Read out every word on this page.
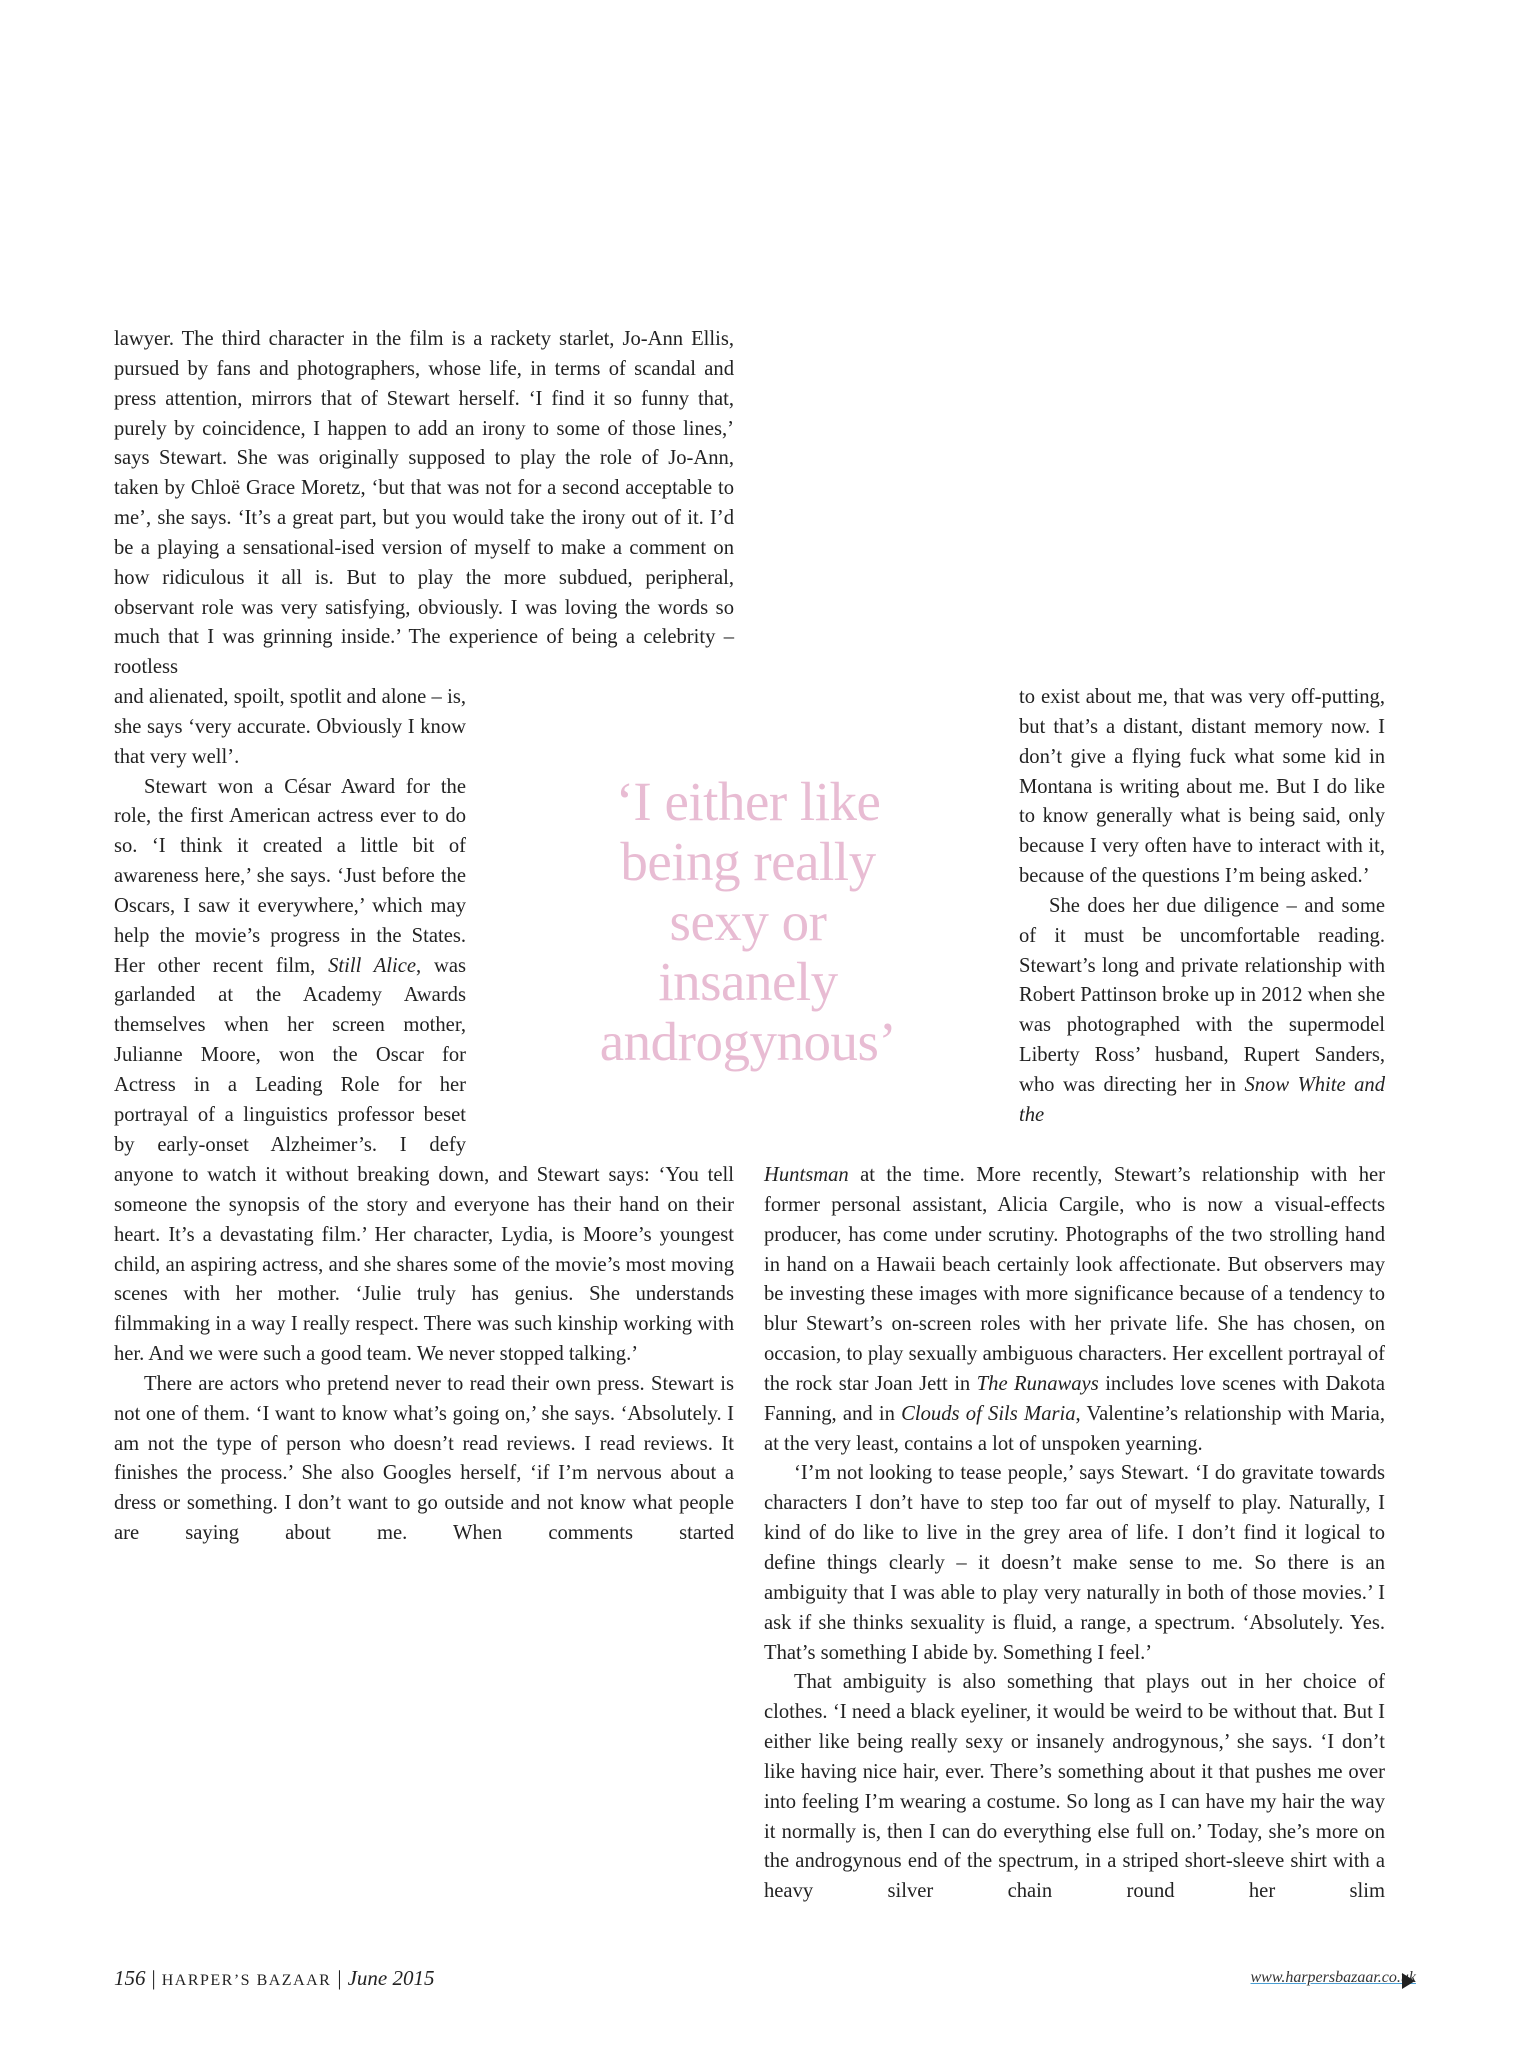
lawyer. The third character in the film is a rackety starlet, Jo-Ann Ellis, pursued by fans and photographers, whose life, in terms of scandal and press attention, mirrors that of Stewart herself. ‘I find it so funny that, purely by coincidence, I happen to add an irony to some of those lines,’ says Stewart. She was originally supposed to play the role of Jo-Ann, taken by Chloë Grace Moretz, ‘but that was not for a second acceptable to me’, she says. ‘It’s a great part, but you would take the irony out of it. I’d be a playing a sensational-ised version of myself to make a comment on how ridiculous it all is. But to play the more subdued, peripheral, observant role was very satisfying, obviously. I was loving the words so much that I was grinning inside.’ The experience of being a celebrity – rootless

and alienated, spoilt, spotlit and alone – is, she says ‘very accurate. Obviously I know that very well’.

Stewart won a César Award for the role, the first American actress ever to do so. ‘I think it created a little bit of awareness here,’ she says. ‘Just before the Oscars, I saw it everywhere,’ which may help the movie’s progress in the States. Her other recent film, Still Alice, was garlanded at the Academy Awards themselves when her screen mother, Julianne Moore, won the Oscar for Actress in a Leading Role for her portrayal of a linguistics professor beset by early-onset Alzheimer’s. I defy

anyone to watch it without breaking down, and Stewart says: ‘You tell someone the synopsis of the story and everyone has their hand on their heart. It’s a devastating film.’ Her character, Lydia, is Moore’s youngest child, an aspiring actress, and she shares some of the movie’s most moving scenes with her mother. ‘Julie truly has genius. She understands filmmaking in a way I really respect. There was such kinship working with her. And we were such a good team. We never stopped talking.’

There are actors who pretend never to read their own press. Stewart is not one of them. ‘I want to know what’s going on,’ she says. ‘Absolutely. I am not the type of person who doesn’t read reviews. I read reviews. It finishes the process.’ She also Googles herself, ‘if I’m nervous about a dress or something. I don’t want to go outside and not know what people are saying about me. When comments started

‘I either like being really sexy or insanely androgynous’

to exist about me, that was very off-putting, but that’s a distant, distant memory now. I don’t give a flying fuck what some kid in Montana is writing about me. But I do like to know generally what is being said, only because I very often have to interact with it, because of the questions I’m being asked.’

She does her due diligence – and some of it must be uncomfortable reading. Stewart’s long and private relationship with Robert Pattinson broke up in 2012 when she was photographed with the supermodel Liberty Ross’ husband, Rupert Sanders, who was directing her in Snow White and the

Huntsman at the time. More recently, Stewart’s relationship with her former personal assistant, Alicia Cargile, who is now a visual-effects producer, has come under scrutiny. Photographs of the two strolling hand in hand on a Hawaii beach certainly look affectionate. But observers may be investing these images with more significance because of a tendency to blur Stewart’s on-screen roles with her private life. She has chosen, on occasion, to play sexually ambiguous characters. Her excellent portrayal of the rock star Joan Jett in The Runaways includes love scenes with Dakota Fanning, and in Clouds of Sils Maria, Valentine’s relationship with Maria, at the very least, contains a lot of unspoken yearning.

‘I’m not looking to tease people,’ says Stewart. ‘I do gravitate towards characters I don’t have to step too far out of myself to play. Naturally, I kind of do like to live in the grey area of life. I don’t find it logical to define things clearly – it doesn’t make sense to me. So there is an ambiguity that I was able to play very naturally in both of those movies.’ I ask if she thinks sexuality is fluid, a range, a spectrum. ‘Absolutely. Yes. That’s something I abide by. Something I feel.’

That ambiguity is also something that plays out in her choice of clothes. ‘I need a black eyeliner, it would be weird to be without that. But I either like being really sexy or insanely androgynous,’ she says. ‘I don’t like having nice hair, ever. There’s something about it that pushes me over into feeling I’m wearing a costume. So long as I can have my hair the way it normally is, then I can do everything else full on.’ Today, she’s more on the androgynous end of the spectrum, in a striped short-sleeve shirt with a heavy silver chain round her slim

156 | HARPER’S BAZAAR | June 2015	www.harpersbazaar.co.uk
